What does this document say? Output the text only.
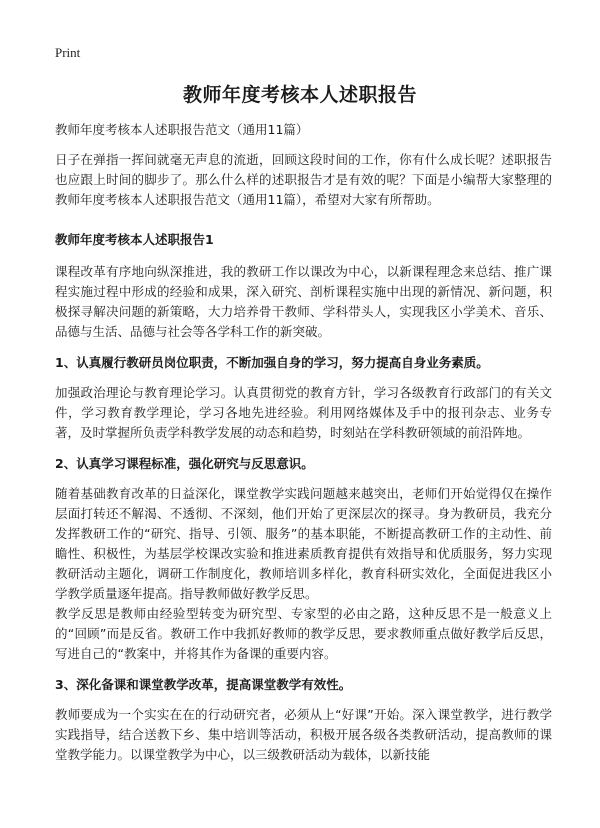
Print
教师年度考核本人述职报告

教师年度考核本人述职报告范文（通用11篇）

日子在弹指一挥间就毫无声息的流逝，回顾这段时间的工作，你有什么成长呢？述职报告也应跟上时间的脚步了。那么什么样的述职报告才是有效的呢？下面是小编帮大家整理的教师年度考核本人述职报告范文（通用11篇），希望对大家有所帮助。

教师年度考核本人述职报告1

课程改革有序地向纵深推进，我的教研工作以课改为中心，以新课程理念来总结、推广课程实施过程中形成的经验和成果，深入研究、剖析课程实施中出现的新情况、新问题，积极探寻解决问题的新策略，大力培养骨干教师、学科带头人，实现我区小学美术、音乐、品德与生活、品德与社会等各学科工作的新突破。

1、认真履行教研员岗位职责，不断加强自身的学习，努力提高自身业务素质。

加强政治理论与教育理论学习。认真贯彻党的教育方针，学习各级教育行政部门的有关文件，学习教育教学理论，学习各地先进经验。利用网络媒体及手中的报刊杂志、业务专著，及时掌握所负责学科教学发展的动态和趋势，时刻站在学科教研领域的前沿阵地。

2、认真学习课程标准，强化研究与反思意识。

随着基础教育改革的日益深化，课堂教学实践问题越来越突出，老师们开始觉得仅在操作层面打转还不解渴、不透彻、不深刻，他们开始了更深层次的探寻。身为教研员，我充分发挥教研工作的“研究、指导、引领、服务”的基本职能，不断提高教研工作的主动性、前瞻性、积极性，为基层学校课改实验和推进素质教育提供有效指导和优质服务，努力实现教研活动主题化，调研工作制度化，教师培训多样化，教育科研实效化，全面促进我区小学教学质量逐年提高。指导教师做好教学反思。

教学反思是教师由经验型转变为研究型、专家型的必由之路，这种反思不是一般意义上的“回顾”而是反省。教研工作中我抓好教师的教学反思，要求教师重点做好教学后反思，写进自己的“教案中，并将其作为备课的重要内容。

3、深化备课和课堂教学改革，提高课堂教学有效性。

教师要成为一个实实在在的行动研究者，必须从上“好课”开始。深入课堂教学，进行教学实践指导，结合送教下乡、集中培训等活动，积极开展各级各类教研活动，提高教师的课堂教学能力。以课堂教学为中心，以三级教研活动为载体，以新技能
